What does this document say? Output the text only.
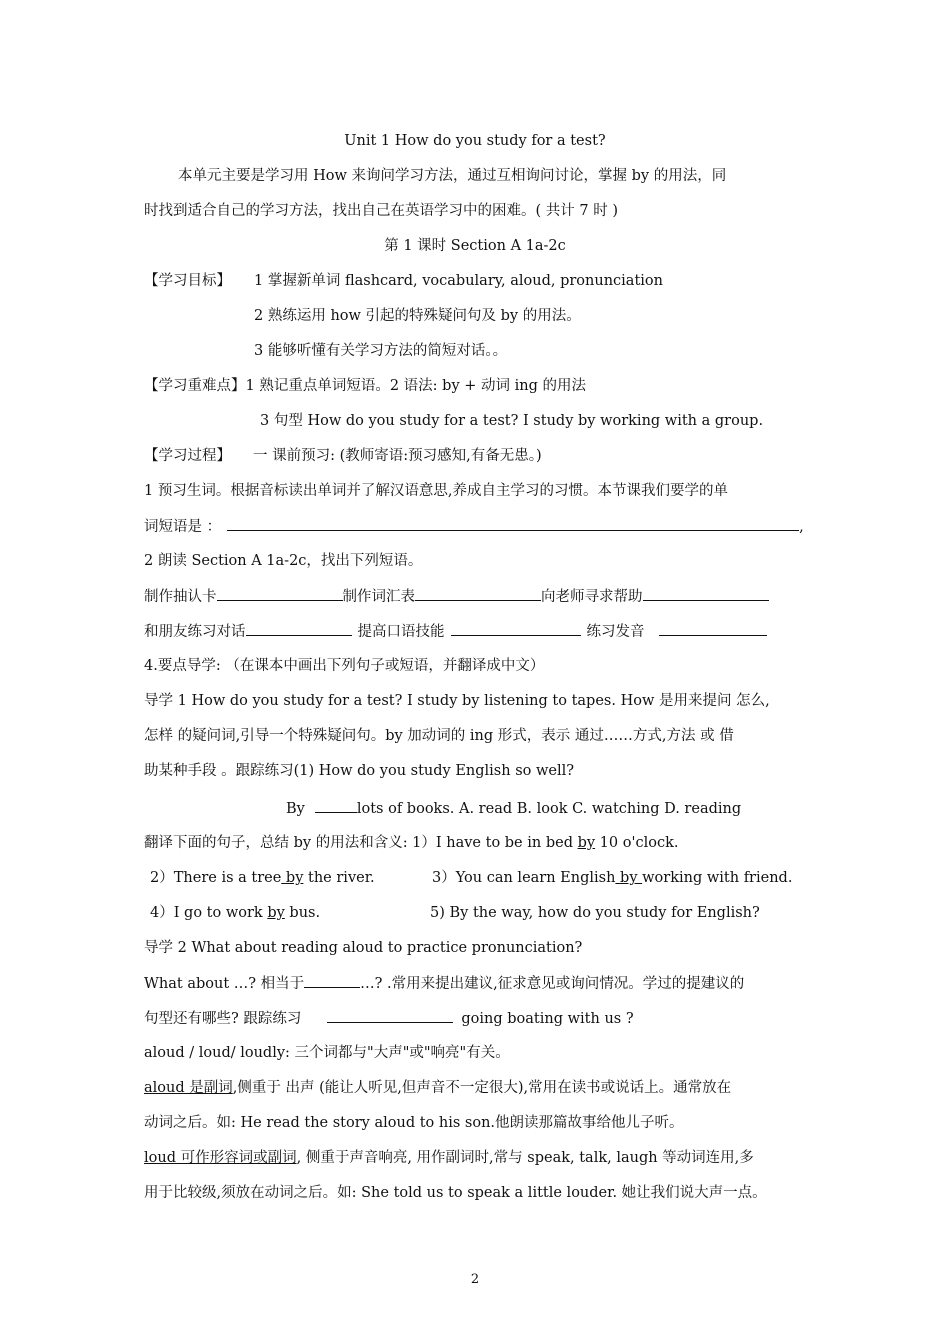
Unit 1 How do you study for a test?
本单元主要是学习用 How 来询问学习方法，通过互相询问讨论，掌握 by 的用法，同
时找到适合自己的学习方法，找出自己在英语学习中的困难。( 共计 7 时 )
第 1 课时 Section A 1a-2c
【学习目标】 1 掌握新单词 flashcard, vocabulary, aloud, pronunciation
2 熟练运用 how 引起的特殊疑问句及 by 的用法。
3 能够听懂有关学习方法的简短对话。。
【学习重难点】1 熟记重点单词短语。2 语法: by + 动词 ing 的用法
3 句型 How do you study for a test? I study by working with a group.
【学习过程】 一 课前预习: (教师寄语:预习感知,有备无患。)
1 预习生词。根据音标读出单词并了解汉语意思,养成自主学习的习惯。本节课我们要学的单
词短语是 ：	,
2 朗读 Section A 1a-2c，找出下列短语。
制作抽认卡	制作词汇表	向老师寻求帮助
和朋友练习对话	提高口语技能	练习发音
4.要点导学: （在课本中画出下列句子或短语，并翻译成中文）
导学 1 How do you study for a test? I study by listening to tapes. How 是用来提问 怎么,
怎样 的疑问词,引导一个特殊疑问句。by 加动词的 ing 形式，表示 通过……方式,方法 或 借
助某种手段 。跟踪练习(1) How do you study English so well?
By	lots of books. A. read B. look C. watching D. reading
翻译下面的句子，总结 by 的用法和含义: 1）I have to be in bed by 10 o'clock.
2）There is a tree by the river.	3）You can learn English by working with friend.
4）I go to work by bus.	5) By the way, how do you study for English?
导学 2 What about reading aloud to practice pronunciation?
What about …? 相当于	…? .常用来提出建议,征求意见或询问情况。学过的提建议的
句型还有哪些? 跟踪练习	going boating with us ?
aloud / loud/ loudly: 三个词都与"大声"或"响亮"有关。
aloud 是副词,侧重于 出声 (能让人听见,但声音不一定很大),常用在读书或说话上。通常放在
动词之后。如: He read the story aloud to his son.他朗读那篇故事给他儿子听。
loud 可作形容词或副词, 侧重于声音响亮, 用作副词时,常与 speak, talk, laugh 等动词连用,多
用于比较级,须放在动词之后。如: She told us to speak a little louder. 她让我们说大声一点。
2
